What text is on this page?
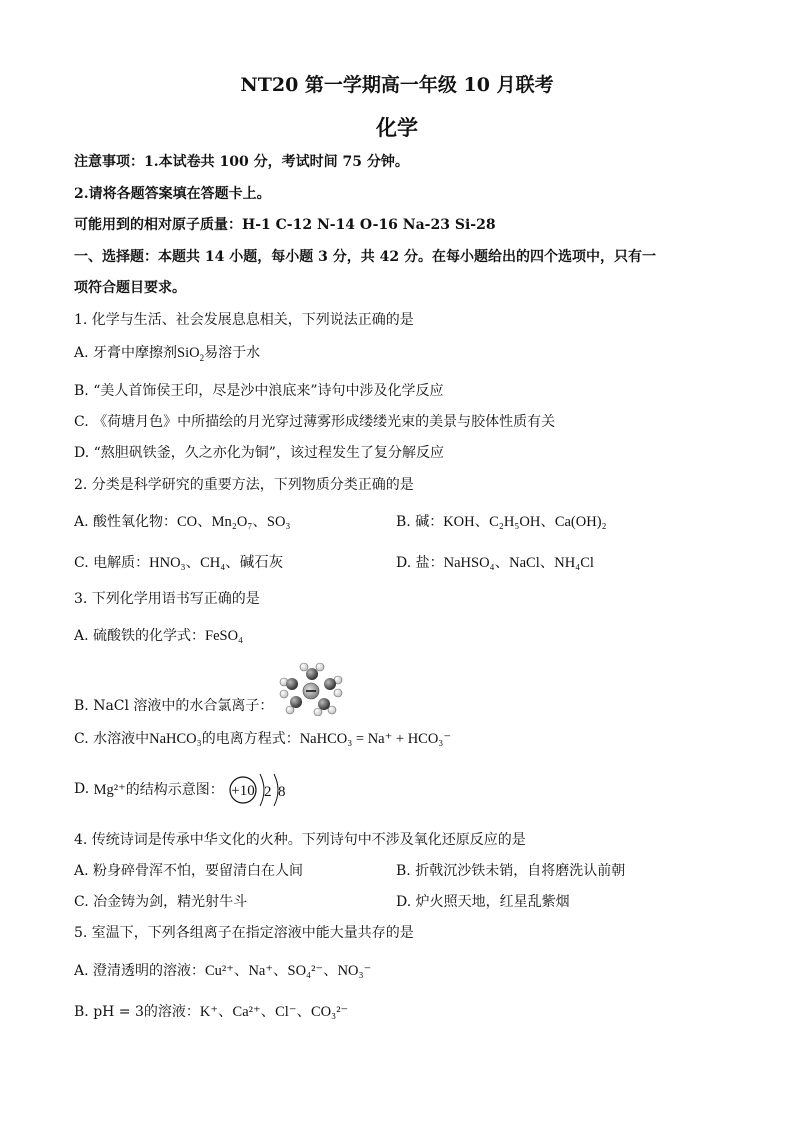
NT20 第一学期高一年级 10 月联考
化学
注意事项：1.本试卷共 100 分，考试时间 75 分钟。
2.请将各题答案填在答题卡上。
可能用到的相对原子质量：H-1 C-12 N-14 O-16 Na-23 Si-28
一、选择题：本题共 14 小题，每小题 3 分，共 42 分。在每小题给出的四个选项中，只有一
项符合题目要求。
1. 化学与生活、社会发展息息相关，下列说法正确的是
A. 牙膏中摩擦剂SiO$_2$易溶于水
B. “美人首饰侯王印，尽是沙中浪底来”诗句中涉及化学反应
C. 《荷塘月色》中所描绘的月光穿过薄雾形成缕缕光束的美景与胶体性质有关
D. “熬胆矾铁釜，久之亦化为铜”，该过程发生了复分解反应
2. 分类是科学研究的重要方法，下列物质分类正确的是
A. 酸性氧化物：CO、Mn₂O₇、SO₃	B. 碱：KOH、C₂H₅OH、Ca(OH)₂
C. 电解质：HNO₃、CH₄、碱石灰	D. 盐：NaHSO₄、NaCl、NH₄Cl
3. 下列化学用语书写正确的是
A. 硫酸铁的化学式：FeSO₄
B. NaCl 溶液中的水合氯离子：
C. 水溶液中NaHCO₃的电离方程式：NaHCO₃ = Na⁺ + HCO₃⁻
D. Mg²⁺的结构示意图： +10 2 8
4. 传统诗词是传承中华文化的火种。下列诗句中不涉及氧化还原反应的是
A. 粉身碎骨浑不怕，要留清白在人间	B. 折戟沉沙铁未销，自将磨洗认前朝
C. 冶金铸为剑，精光射牛斗	D. 炉火照天地，红星乱紫烟
5. 室温下，下列各组离子在指定溶液中能大量共存的是
A. 澄清透明的溶液：Cu²⁺、Na⁺、SO₄²⁻、NO₃⁻
B. pH = 3的溶液：K⁺、Ca²⁺、Cl⁻、CO₃²⁻
